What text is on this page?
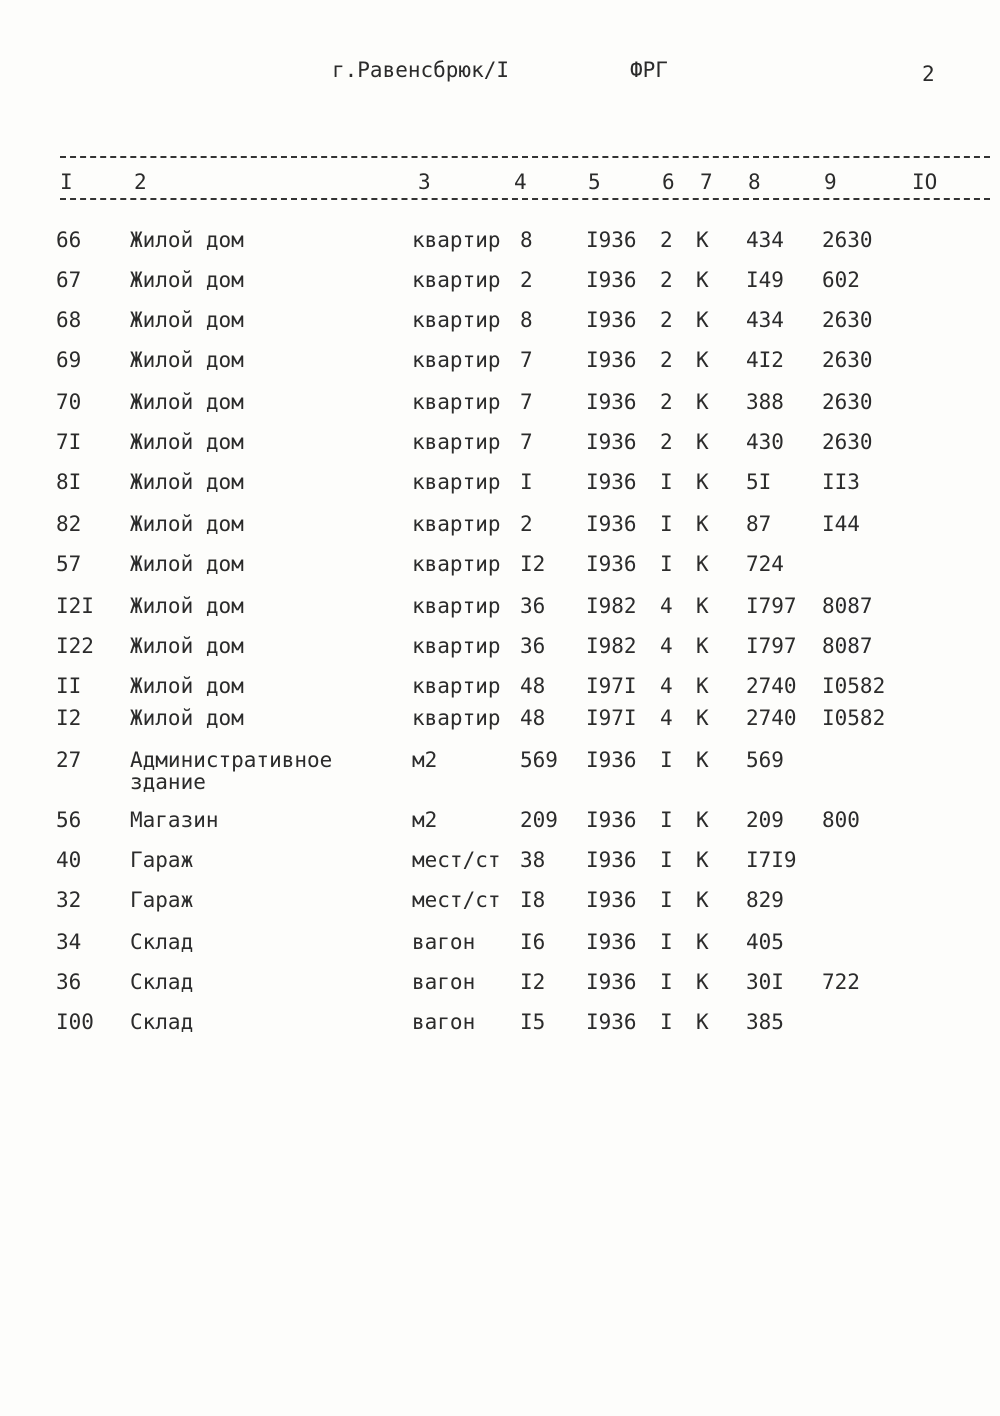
г.Равенсбрюк/I	ФРГ	2
I	2	3	4	5	6 7 8	9	IO
66 Жилой дом	квартир 8	I936 2 К 434 2630
67 Жилой дом	квартир 2	I936 2 К I49 602
68 Жилой дом	квартир 8	I936 2 К 434 2630
69 Жилой дом	квартир 7	I936 2 К 4I2 2630
70 Жилой дом	квартир 7	I936 2 К 388 2630
7I Жилой дом	квартир 7	I936 2 К 430 2630
8I Жилой дом	квартир I	I936 I К 5I II3
82 Жилой дом	квартир 2	I936 I К 87 I44
57 Жилой дом	квартир I2 I936 I К 724
I2I Жилой дом	квартир 36 I982 4 К I797 8087
I22 Жилой дом	квартир 36 I982 4 К I797 8087
II Жилой дом	квартир 48 I97I 4 К 2740 I0582
I2 Жилой дом	квартир 48 I97I 4 К 2740 I0582
27 Административное	м2	569 I936 I К 569
здание
56 Магазин	м2	209 I936 I К 209 800
40 Гараж	мест/ст 38 I936 I К I7I9
32 Гараж	мест/ст I8 I936 I К 829
34 Склад	вагон I6 I936 I К 405
36 Склад	вагон I2 I936 I К 30I 722
I00 Склад	вагон I5 I936 I К 385
